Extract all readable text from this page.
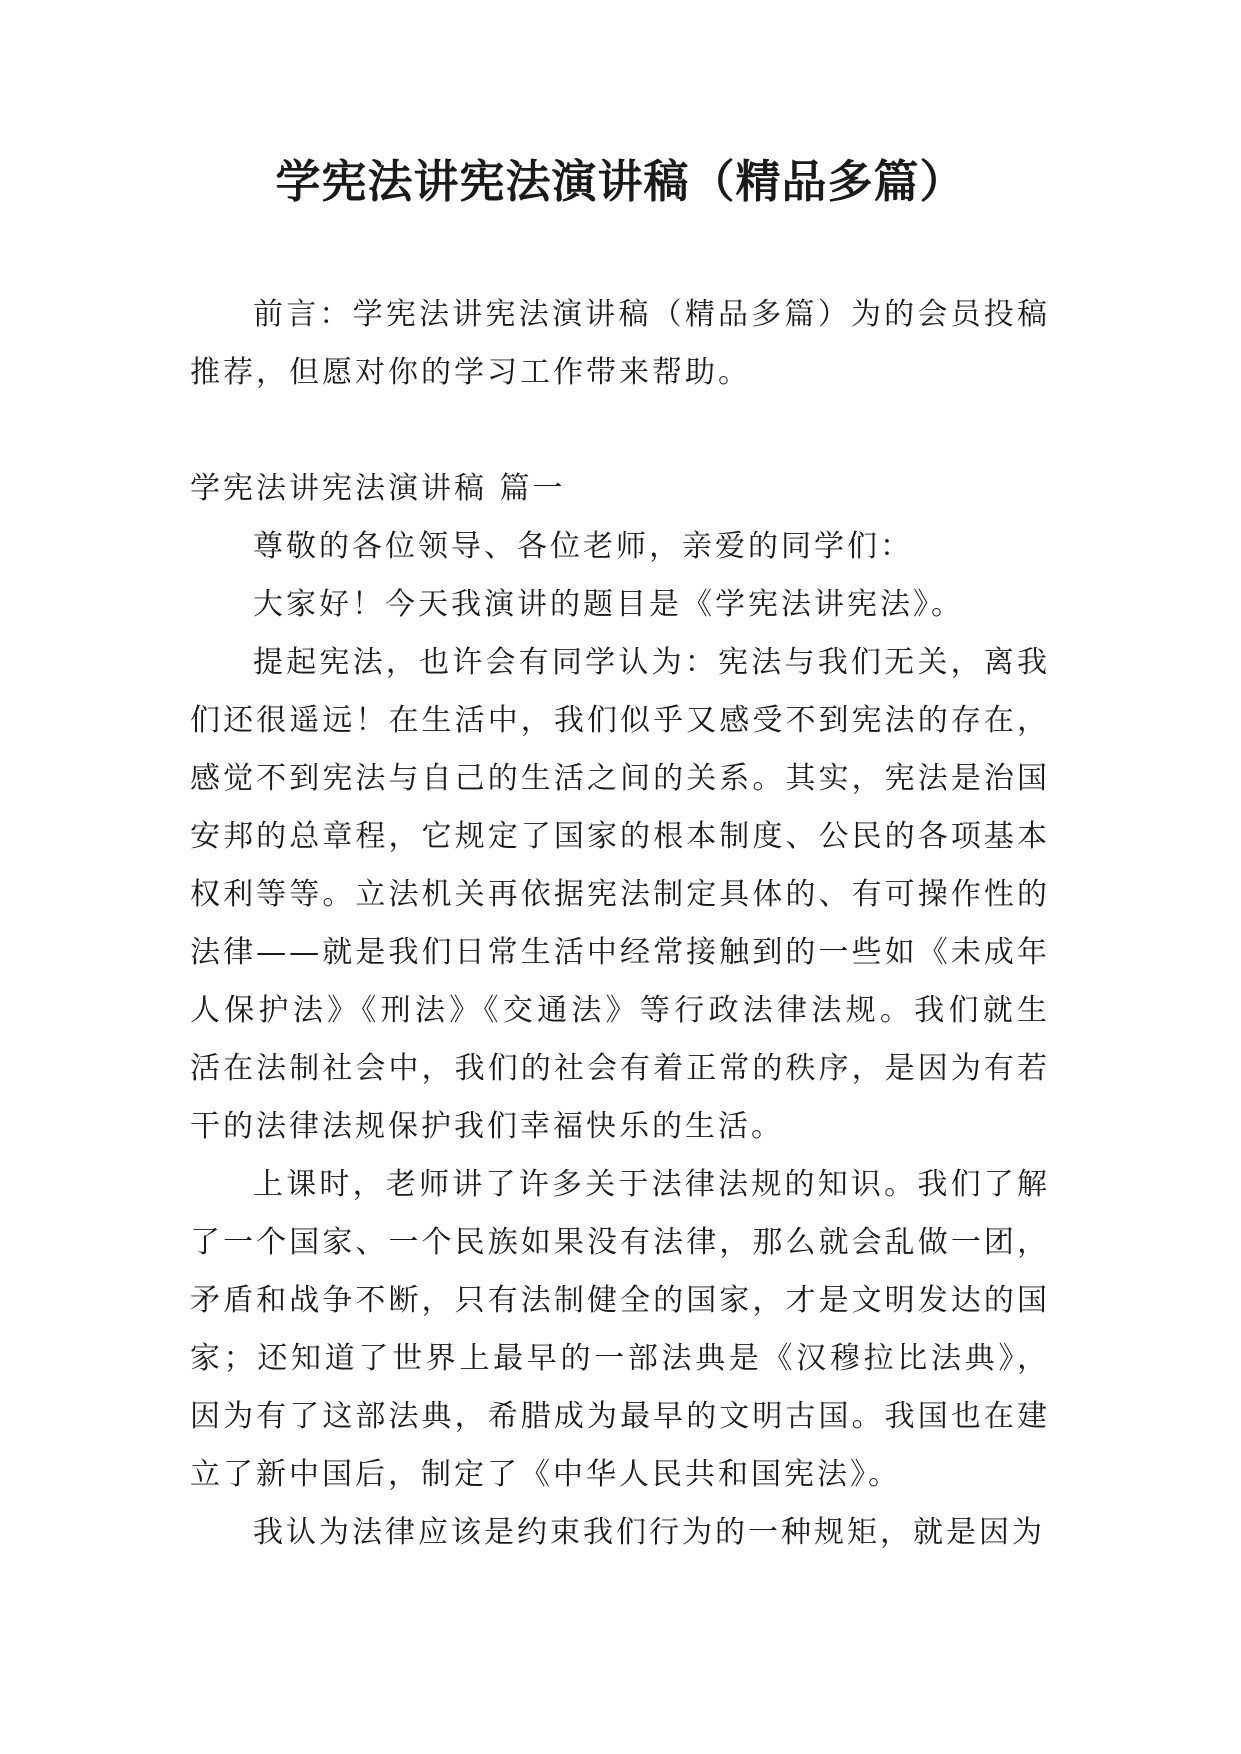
学宪法讲宪法演讲稿（精品多篇）

前言：学宪法讲宪法演讲稿（精品多篇）为的会员投稿推荐，但愿对你的学习工作带来帮助。

学宪法讲宪法演讲稿 篇一

尊敬的各位领导、各位老师，亲爱的同学们：

大家好！今天我演讲的题目是《学宪法讲宪法》。

提起宪法，也许会有同学认为：宪法与我们无关，离我们还很遥远！在生活中，我们似乎又感受不到宪法的存在，感觉不到宪法与自己的生活之间的关系。其实，宪法是治国安邦的总章程，它规定了国家的根本制度、公民的各项基本权利等等。立法机关再依据宪法制定具体的、有可操作性的法律——就是我们日常生活中经常接触到的一些如《未成年人保护法》《刑法》《交通法》等行政法律法规。我们就生活在法制社会中，我们的社会有着正常的秩序，是因为有若干的法律法规保护我们幸福快乐的生活。

上课时，老师讲了许多关于法律法规的知识。我们了解了一个国家、一个民族如果没有法律，那么就会乱做一团，矛盾和战争不断，只有法制健全的国家，才是文明发达的国家；还知道了世界上最早的一部法典是《汉穆拉比法典》，因为有了这部法典，希腊成为最早的文明古国。我国也在建立了新中国后，制定了《中华人民共和国宪法》。

我认为法律应该是约束我们行为的一种规矩，就是因为
